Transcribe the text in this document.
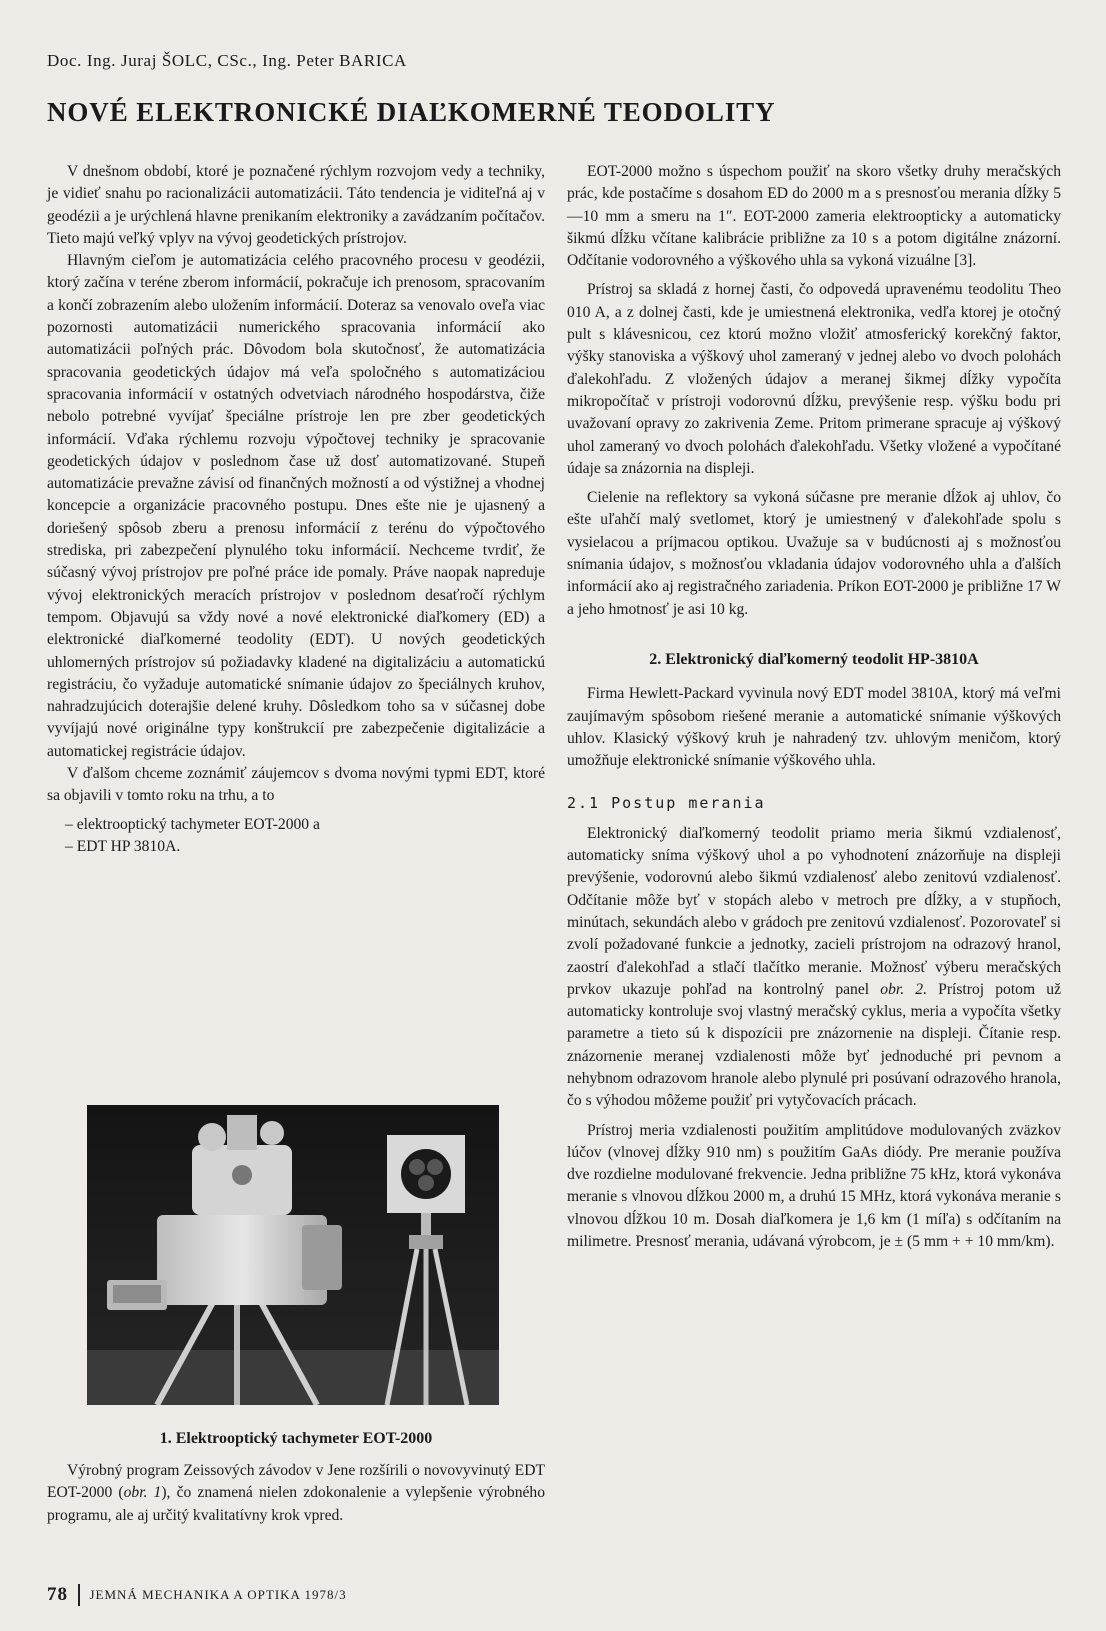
Doc. Ing. Juraj ŠOLC, CSc., Ing. Peter BARICA
NOVÉ ELEKTRONICKÉ DIAĽKOMERNÉ TEODOLITY

V dnešnom období, ktoré je poznačené rýchlym rozvojom vedy a techniky, je vidieť snahu po racionalizácii automatizácii. Táto tendencia je viditeľná aj v geodézii a je urýchlená hlavne prenikaním elektroniky a zavádzaním počítačov. Tieto majú veľký vplyv na vývoj geodetických prístrojov.

Hlavným cieľom je automatizácia celého pracovného procesu v geodézii, ktorý začína v teréne zberom informácií, pokračuje ich prenosom, spracovaním a končí zobrazením alebo uložením informácií. Doteraz sa venovalo oveľa viac pozornosti automatizácii numerického spracovania informácií ako automatizácii poľných prác. Dôvodom bola skutočnosť, že automatizácia spracovania geodetických údajov má veľa spoločného s automatizáciou spracovania informácií v ostatných odvetviach národného hospodárstva, čiže nebolo potrebné vyvíjať špeciálne prístroje len pre zber geodetických informácií. Vďaka rýchlemu rozvoju výpočtovej techniky je spracovanie geodetických údajov v poslednom čase už dosť automatizované. Stupeň automatizácie prevažne závisí od finančných možností a od výstižnej a vhodnej koncepcie a organizácie pracovného postupu. Dnes ešte nie je ujasnený a doriešený spôsob zberu a prenosu informácií z terénu do výpočtového strediska, pri zabezpečení plynulého toku informácií. Nechceme tvrdiť, že súčasný vývoj prístrojov pre poľné práce ide pomaly. Práve naopak napreduje vývoj elektronických meracích prístrojov v poslednom desaťročí rýchlym tempom. Objavujú sa vždy nové a nové elektronické diaľkomery (ED) a elektronické diaľkomerné teodolity (EDT). U nových geodetických uhlomerných prístrojov sú požiadavky kladené na digitalizáciu a automatickú registráciu, čo vyžaduje automatické snímanie údajov zo špeciálnych kruhov, nahradzujúcich doterajšie delené kruhy. Dôsledkom toho sa v súčasnej dobe vyvíjajú nové originálne typy konštrukcií pre zabezpečenie digitalizácie a automatickej registrácie údajov.

V ďalšom chceme zoznámiť záujemcov s dvoma novými typmi EDT, ktoré sa objavili v tomto roku na trhu, a to

– elektrooptický tachymeter EOT-2000 a
– EDT HP 3810A.
1. Elektrooptický tachymeter EOT-2000

Výrobný program Zeissových závodov v Jene rozšírili o novovyvinutý EDT EOT-2000 (obr. 1), čo znamená nielen zdokonalenie a vylepšenie výrobného programu, ale aj určitý kvalitatívny krok vpred.

EOT-2000 možno s úspechom použiť na skoro všetky druhy meračských prác, kde postačíme s dosahom ED do 2000 m a s presnosťou merania dĺžky 5—10 mm a smeru na 1″. EOT-2000 zameria elektroopticky a automaticky šikmú dĺžku včítane kalibrácie približne za 10 s a potom digitálne znázorní. Odčítanie vodorovného a výškového uhla sa vykoná vizuálne [3].

Prístroj sa skladá z hornej časti, čo odpovedá upravenému teodolitu Theo 010 A, a z dolnej časti, kde je umiestnená elektronika, vedľa ktorej je otočný pult s klávesnicou, cez ktorú možno vložiť atmosferický korekčný faktor, výšky stanoviska a výškový uhol zameraný v jednej alebo vo dvoch polohách ďalekohľadu. Z vložených údajov a meranej šikmej dĺžky vypočíta mikropočítač v prístroji vodorovnú dĺžku, prevýšenie resp. výšku bodu pri uvažovaní opravy zo zakrivenia Zeme. Pritom primerane spracuje aj výškový uhol zameraný vo dvoch polohách ďalekohľadu. Všetky vložené a vypočítané údaje sa znázornia na displeji.

Cielenie na reflektory sa vykoná súčasne pre meranie dĺžok aj uhlov, čo ešte uľahčí malý svetlomet, ktorý je umiestnený v ďalekohľade spolu s vysielacou a príjmacou optikou. Uvažuje sa v budúcnosti aj s možnosťou snímania údajov, s možnosťou vkladania údajov vodorovného uhla a ďalších informácií ako aj registračného zariadenia. Príkon EOT-2000 je približne 17 W a jeho hmotnosť je asi 10 kg.

2. Elektronický diaľkomerný teodolit HP-3810A

Firma Hewlett-Packard vyvinula nový EDT model 3810A, ktorý má veľmi zaujímavým spôsobom riešené meranie a automatické snímanie výškových uhlov. Klasický výškový kruh je nahradený tzv. uhlovým meničom, ktorý umožňuje elektronické snímanie výškového uhla.

2.1 Postup merania

Elektronický diaľkomerný teodolit priamo meria šikmú vzdialenosť, automaticky sníma výškový uhol a po vyhodnotení znázorňuje na displeji prevýšenie, vodorovnú alebo šikmú vzdialenosť alebo zenitovú vzdialenosť. Odčítanie môže byť v stopách alebo v metroch pre dĺžky, a v stupňoch, minútach, sekundách alebo v grádoch pre zenitovú vzdialenosť. Pozorovateľ si zvolí požadované funkcie a jednotky, zacieli prístrojom na odrazový hranol, zaostrí ďalekohľad a stlačí tlačítko meranie. Možnosť výberu meračských prvkov ukazuje pohľad na kontrolný panel obr. 2. Prístroj potom už automaticky kontroluje svoj vlastný meračský cyklus, meria a vypočíta všetky parametre a tieto sú k dispozícii pre znázornenie na displeji. Čítanie resp. znázornenie meranej vzdialenosti môže byť jednoduché pri pevnom a nehybnom odrazovom hranole alebo plynulé pri posúvaní odrazového hranola, čo s výhodou môžeme použiť pri vytyčovacích prácach.

Prístroj meria vzdialenosti použitím amplitúdove modulovaných zväzkov lúčov (vlnovej dĺžky 910 nm) s použitím GaAs diódy. Pre meranie používa dve rozdielne modulované frekvencie. Jedna približne 75 kHz, ktorá vykonáva meranie s vlnovou dĺžkou 2000 m, a druhú 15 MHz, ktorá vykonáva meranie s vlnovou dĺžkou 10 m. Dosah diaľkomera je 1,6 km (1 míľa) s odčítaním na milimetre. Presnosť merania, udávaná výrobcom, je ± (5 mm + + 10 mm/km).

78 JEMNÁ MECHANIKA A OPTIKA 1978/3
